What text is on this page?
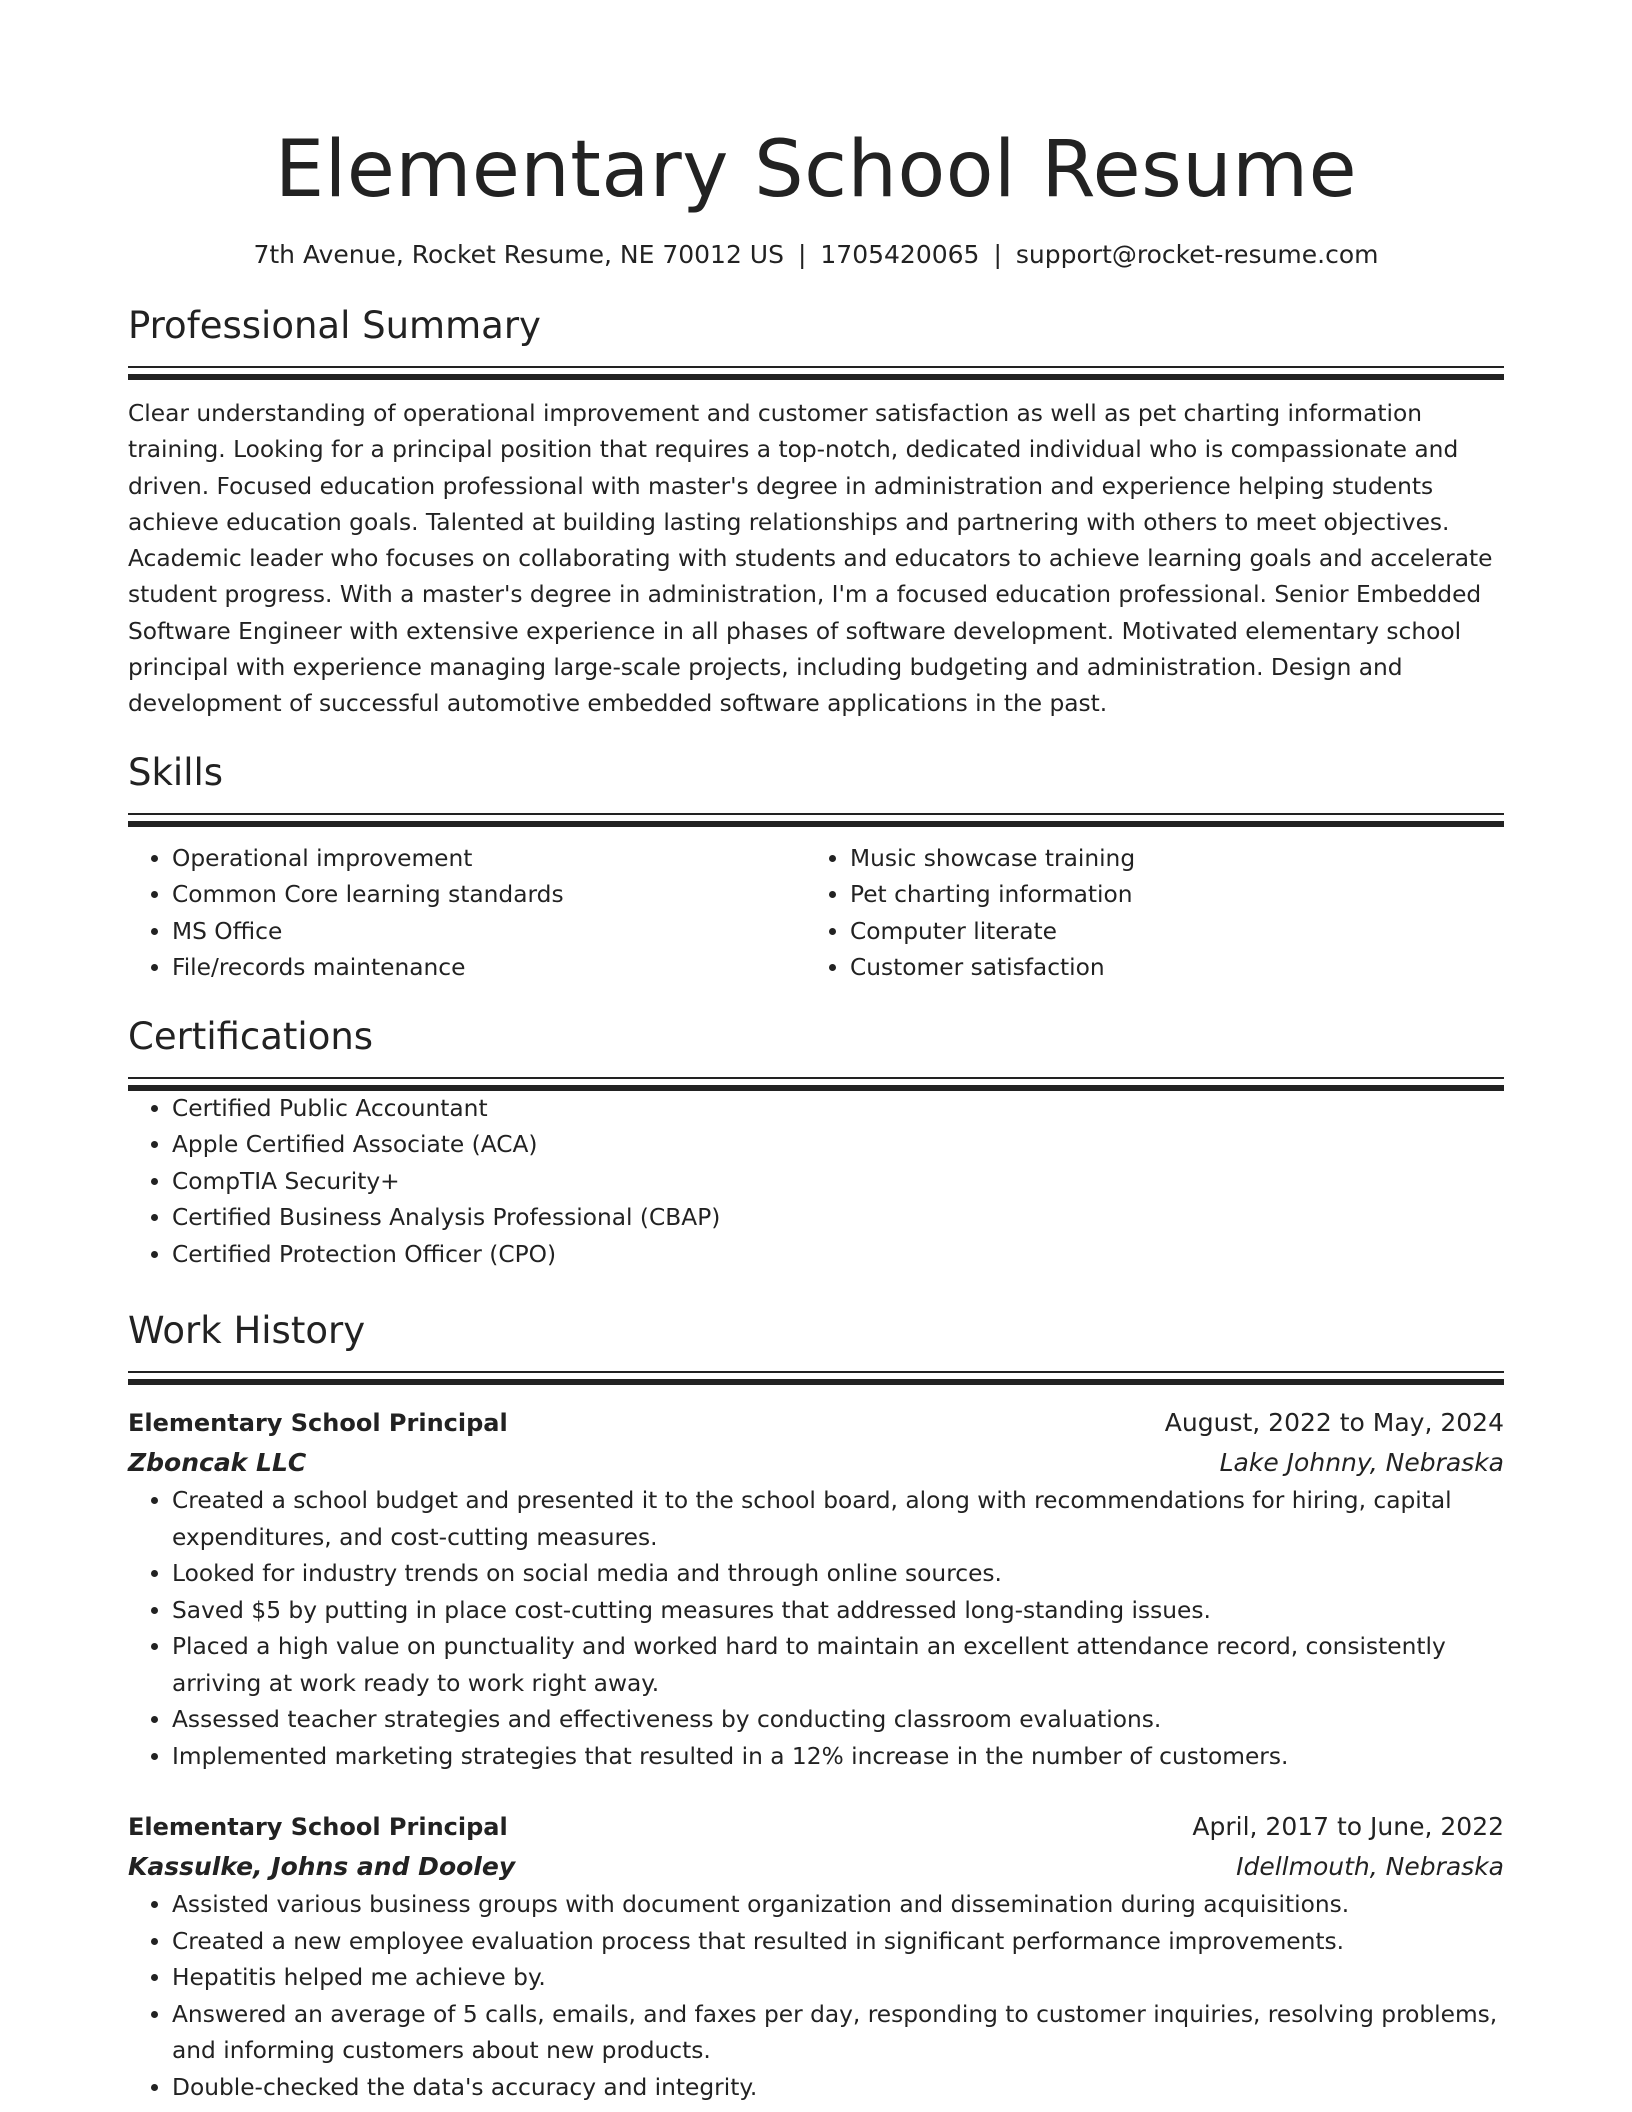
Elementary School Resume
7th Avenue, Rocket Resume, NE 70012 US | 1705420065 | support@rocket-resume.com
Professional Summary

Clear understanding of operational improvement and customer satisfaction as well as pet charting information training. Looking for a principal position that requires a top-notch, dedicated individual who is compassionate and driven. Focused education professional with master's degree in administration and experience helping students achieve education goals. Talented at building lasting relationships and partnering with others to meet objectives. Academic leader who focuses on collaborating with students and educators to achieve learning goals and accelerate student progress. With a master's degree in administration, I'm a focused education professional. Senior Embedded Software Engineer with extensive experience in all phases of software development. Motivated elementary school principal with experience managing large-scale projects, including budgeting and administration. Design and development of successful automotive embedded software applications in the past.

Skills
• Operational improvement
• Common Core learning standards
• MS Office
• File/records maintenance
• Music showcase training
• Pet charting information
• Computer literate
• Customer satisfaction
Certifications
• Certified Public Accountant
• Apple Certified Associate (ACA)
• CompTIA Security+
• Certified Business Analysis Professional (CBAP)
• Certified Protection Officer (CPO)
Work History
Elementary School Principal	August, 2022 to May, 2024
Zboncak LLC	Lake Johnny, Nebraska
• Created a school budget and presented it to the school board, along with recommendations for hiring, capital expenditures, and cost-cutting measures.
• Looked for industry trends on social media and through online sources.
• Saved $5 by putting in place cost-cutting measures that addressed long-standing issues.
• Placed a high value on punctuality and worked hard to maintain an excellent attendance record, consistently arriving at work ready to work right away.
• Assessed teacher strategies and effectiveness by conducting classroom evaluations.
• Implemented marketing strategies that resulted in a 12% increase in the number of customers.
Elementary School Principal	April, 2017 to June, 2022
Kassulke, Johns and Dooley	Idellmouth, Nebraska
• Assisted various business groups with document organization and dissemination during acquisitions.
• Created a new employee evaluation process that resulted in significant performance improvements.
• Hepatitis helped me achieve by.
• Answered an average of 5 calls, emails, and faxes per day, responding to customer inquiries, resolving problems, and informing customers about new products.
• Double-checked the data's accuracy and integrity.
